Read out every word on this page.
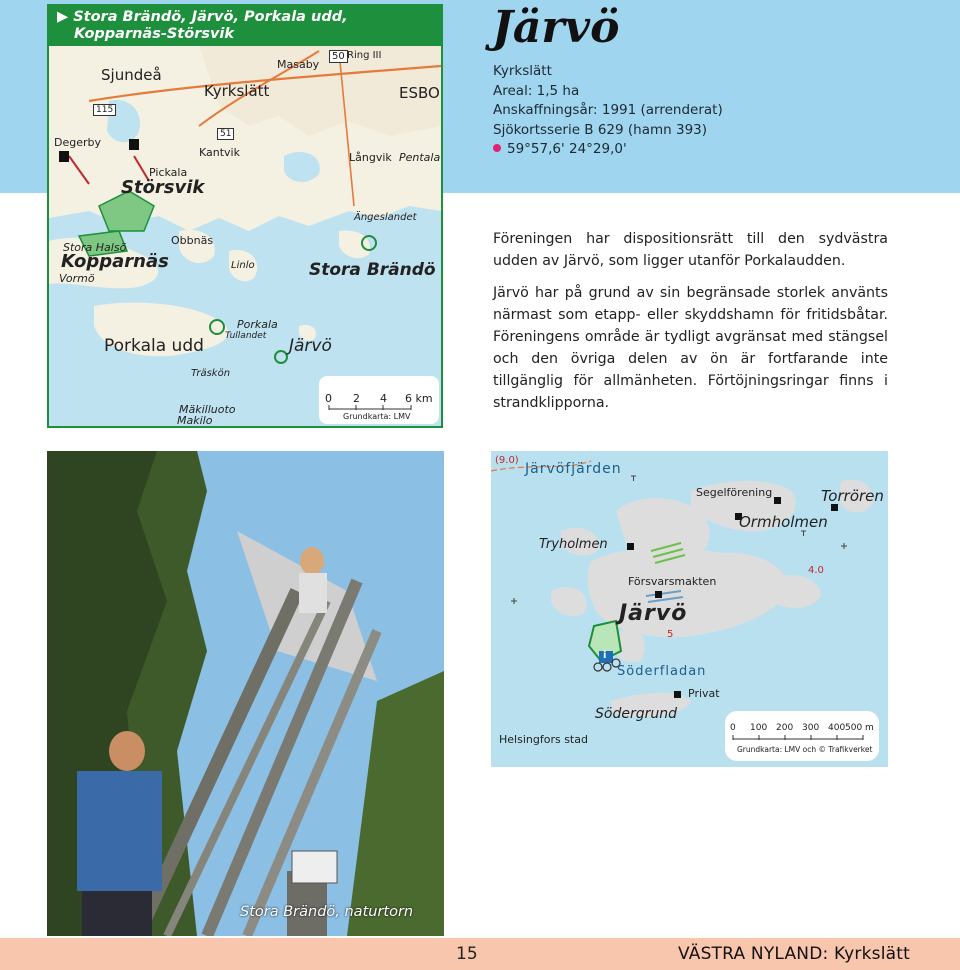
▶ Stora Brändö, Järvö, Porkala udd,
Kopparnäs-Störsvik
Sjundeå
Kyrkslätt
Masaby
50 Ring III
ESBO
115
51
Degerby
Kantvik
Pickala
Störsvik
Långvik Pentala
Ängeslandet
Stora Halsö
Kopparnäs
Vormö
Obbnäs
Linlo	Stora Brändö
Porkala
Tullandet
Porkala udd	Järvö
Träskön
Mäkilluoto
Makilo
0 2 4 6 km
Grundkarta: LMV
Järvö
Kyrkslätt
Areal: 1,5 ha
Anskaffningsår: 1991 (arrenderat)
Sjökortsserie B 629 (hamn 393)
59°57,6' 24°29,0'
Föreningen har dispositionsrätt till den sydvästra udden av Järvö, som ligger utanför Porkalaudden.
Järvö har på grund av sin begränsade storlek använts närmast som etapp- eller skyddshamn för fritidsbåtar. Föreningens område är tydligt avgränsat med stängsel och den övriga delen av ön är fortfarande inte tillgänglig för allmänheten. Förtöjningsringar finns i strandklipporna.
Stora Brändö, naturtorn
(9.0)
Järvöfjärden
Segelförening	Torrören
Ormholmen
Tryholmen
Försvarsmakten
4.0
Järvö
5
i
Söderfladan
Privat
Södergrund
Helsingfors stad
0 100 200 300 400 500 m
Grundkarta: LMV och © Trafikverket
15	VÄSTRA NYLAND: Kyrkslätt
